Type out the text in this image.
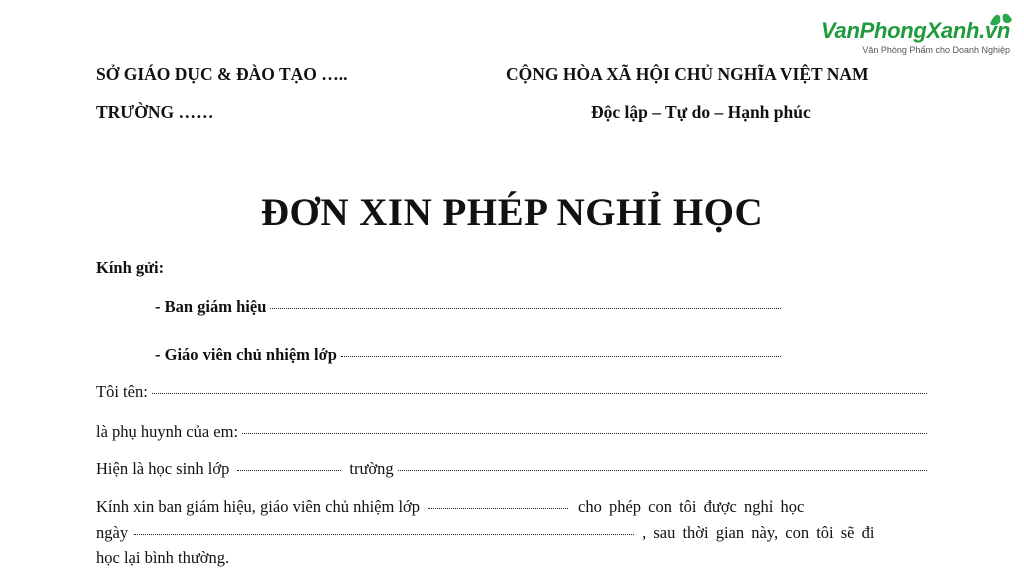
VanPhongXanh.vn
Văn Phòng Phẩm cho Doanh Nghiệp
SỞ GIÁO DỤC & ĐÀO TẠO …..
TRƯỜNG ……
CỘNG HÒA XÃ HỘI CHỦ NGHĨA VIỆT NAM
Độc lập – Tự do – Hạnh phúc
ĐƠN XIN PHÉP NGHỈ HỌC
Kính gửi:
- Ban giám hiệu
- Giáo viên chủ nhiệm lớp
Tôi tên:
là phụ huynh của em:
Hiện là học sinh lớp	trường
Kính xin ban giám hiệu, giáo viên chủ nhiệm lớp	cho phép con tôi được nghỉ học
ngày	, sau thời gian này, con tôi sẽ đi
học lại bình thường.
